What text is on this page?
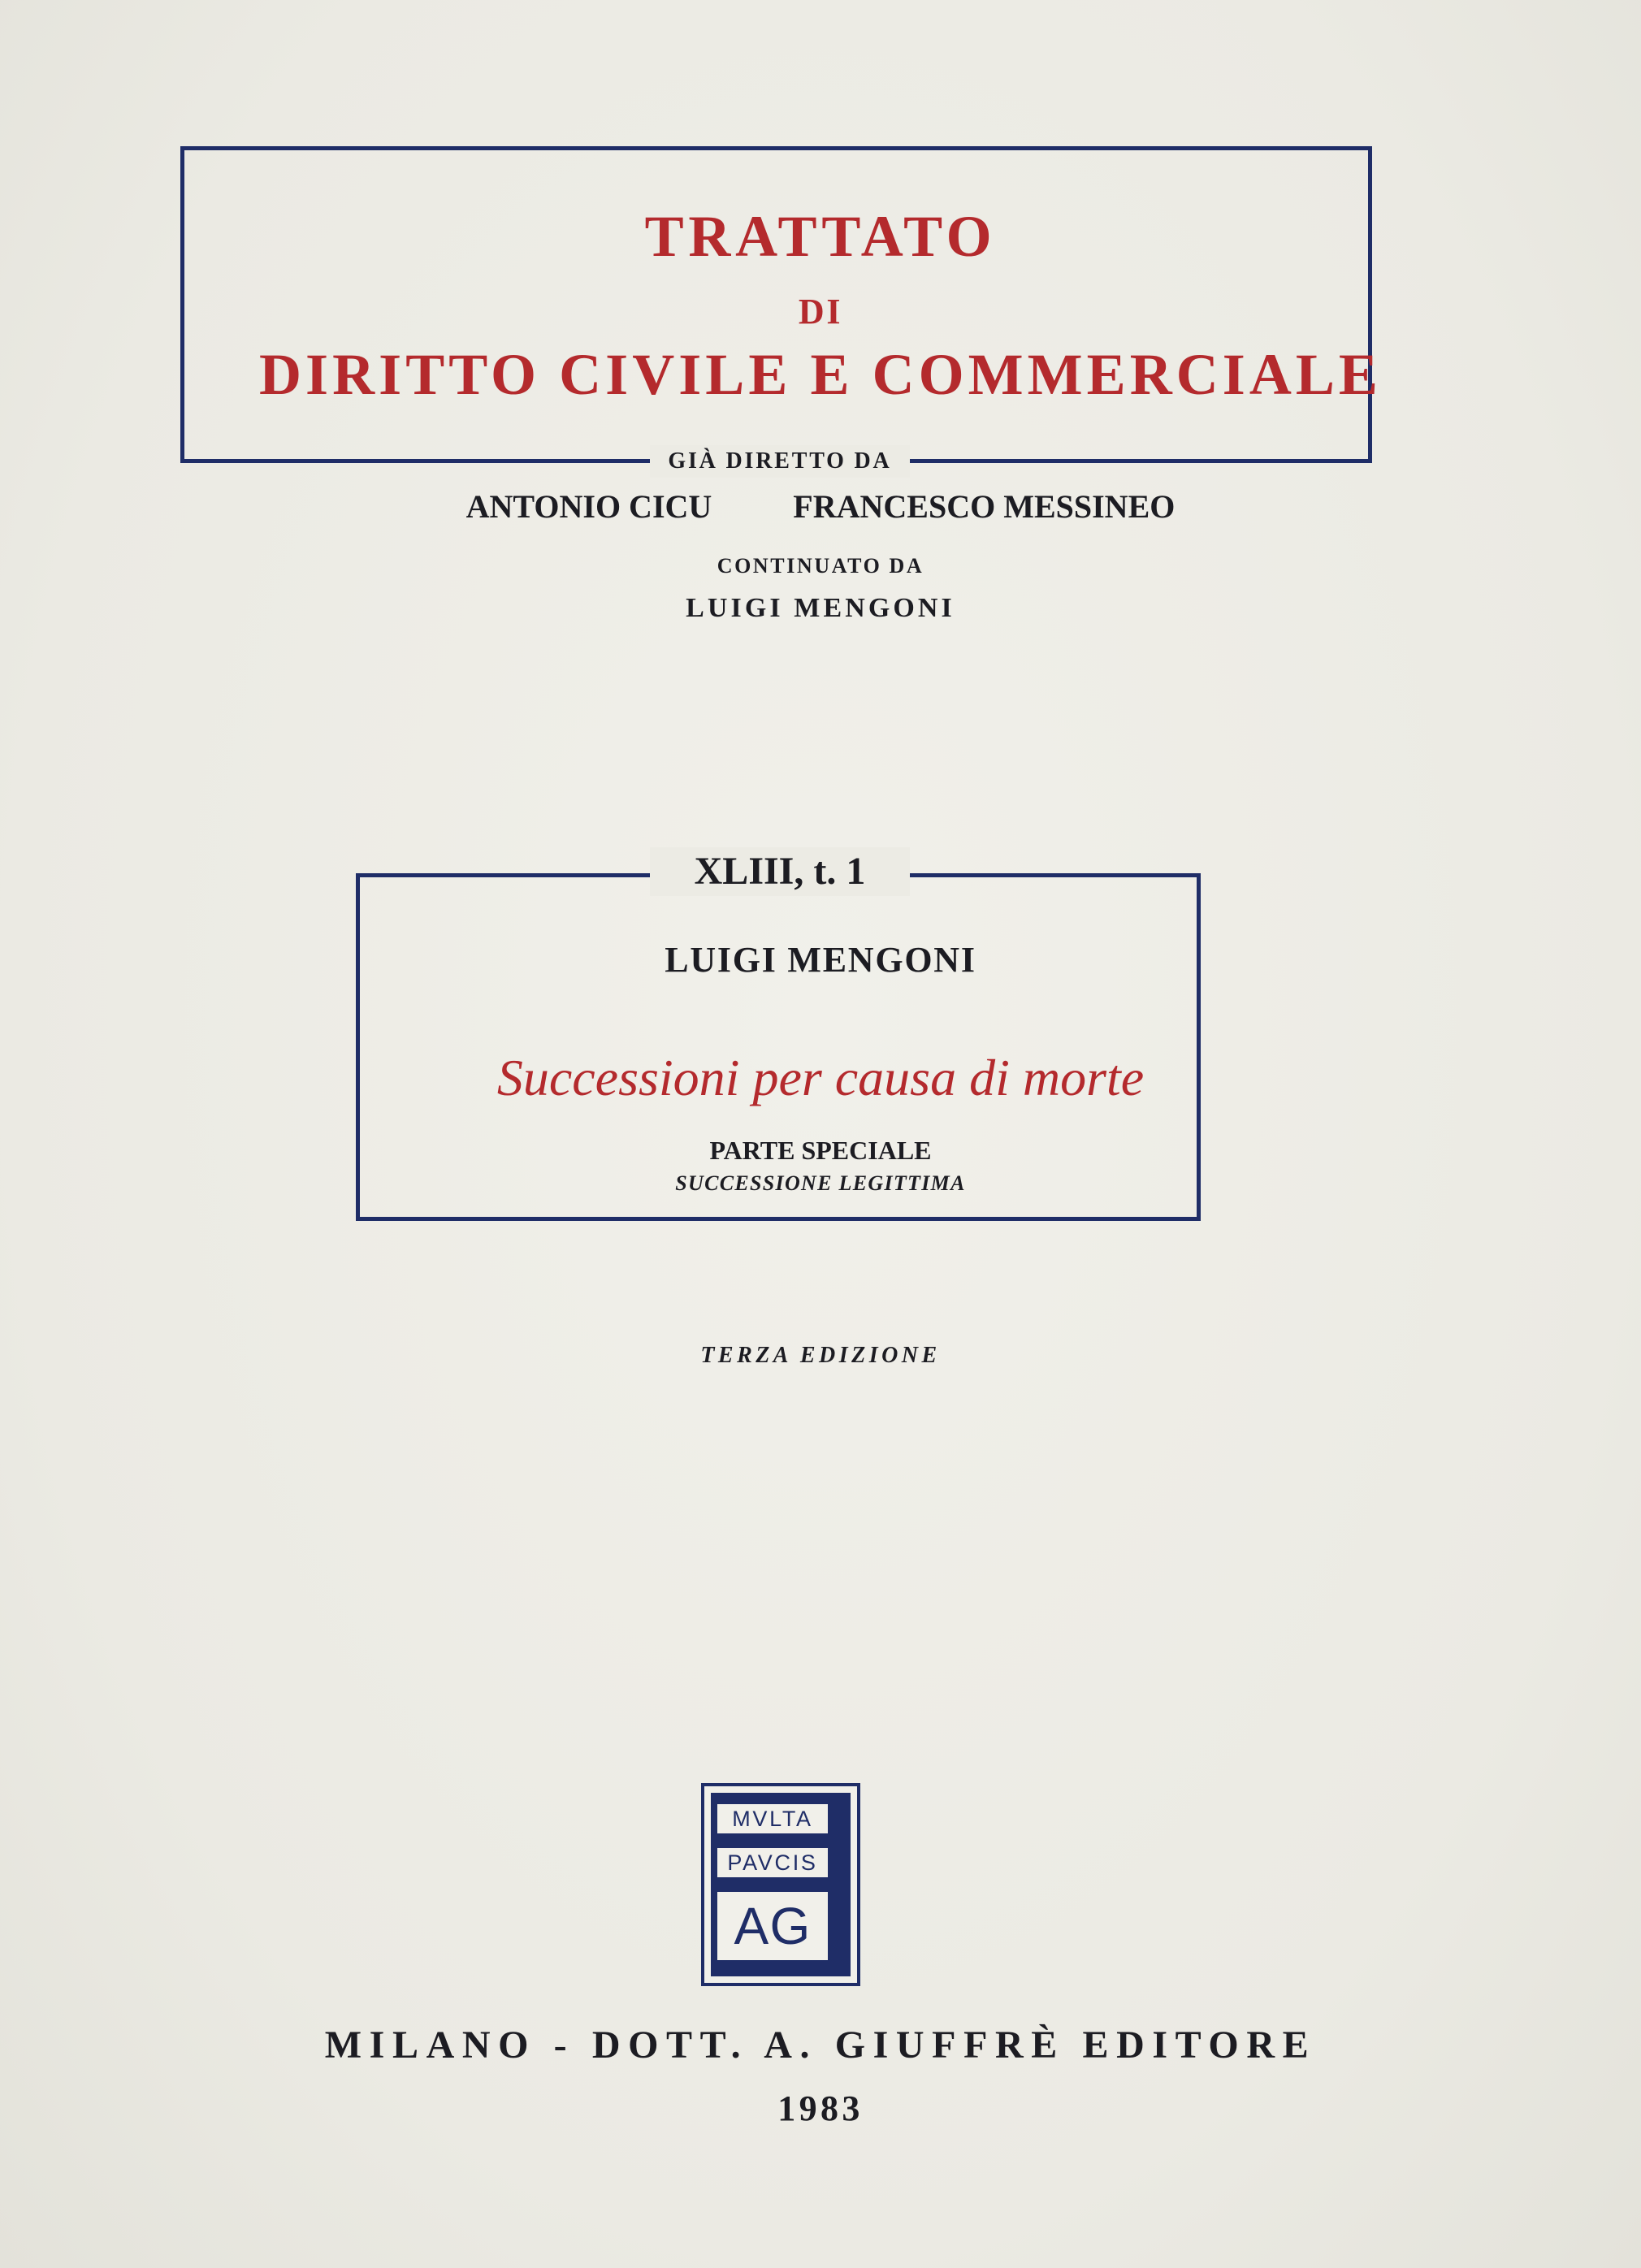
TRATTATO
DI
DIRITTO CIVILE E COMMERCIALE
GIÀ DIRETTO DA
ANTONIO CICU	FRANCESCO MESSINEO
CONTINUATO DA
LUIGI MENGONI
XLIII, t. 1
LUIGI MENGONI
Successioni per causa di morte
PARTE SPECIALE
SUCCESSIONE LEGITTIMA
TERZA EDIZIONE
MVLTA
PAVCIS
AG
MILANO - DOTT. A. GIUFFRÈ EDITORE
1983
